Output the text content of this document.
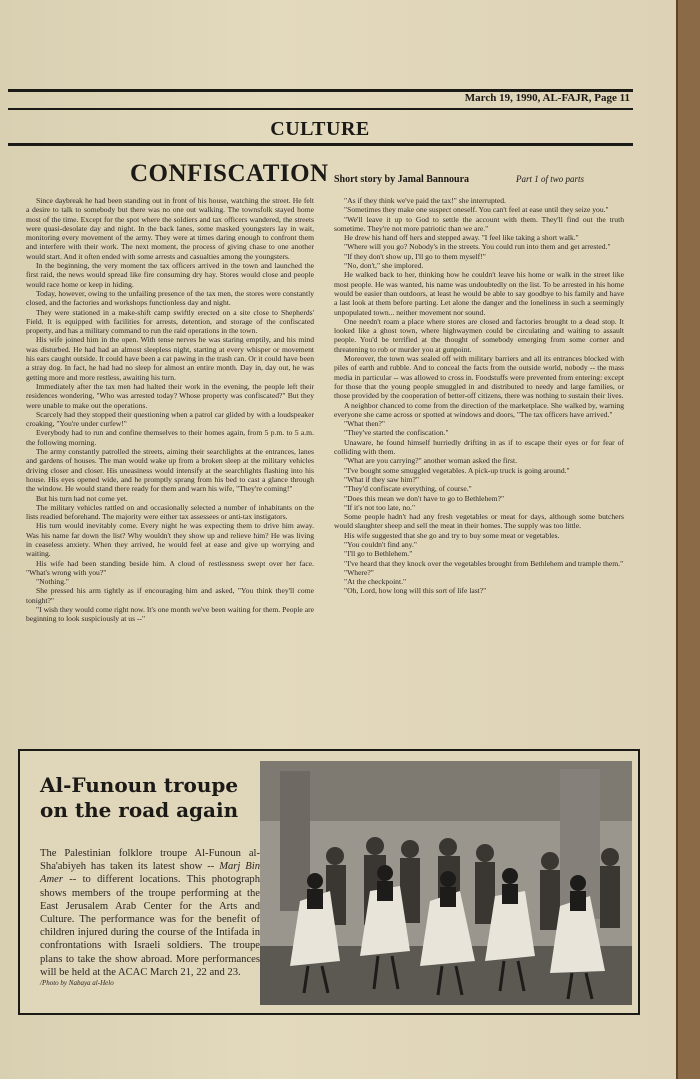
March 19, 1990, AL-FAJR, Page 11
CULTURE
CONFISCATION Short story by Jamal Bannoura	Part 1 of two parts

Since daybreak he had been standing out in front of his house, watching the street. He felt a desire to talk to somebody but there was no one out walking. The townsfolk stayed home most of the time. Except for the spot where the soldiers and tax officers wandered, the streets were quasi-desolate day and night. In the back lanes, some masked youngsters lay in wait, monitoring every movement of the army. They were at times daring enough to confront them and interfere with their work. The next moment, the process of giving chase to one another would start. And it often ended with some arrests and casualties among the youngsters.

In the beginning, the very moment the tax officers arrived in the town and launched the first raid, the news would spread like fire consuming dry hay. Stores would close and people would race home or keep in hiding.

Today, however, owing to the unfailing presence of the tax men, the stores were constantly closed, and the factories and workshops functionless day and night.

They were stationed in a make-shift camp swiftly erected on a site close to Shepherds' Field. It is equipped with facilities for arrests, detention, and storage of the confiscated property, and has a military command to run the raid operations in the town.

His wife joined him in the open. With tense nerves he was staring emptily, and his mind was disturbed. He had had an almost sleepless night, starting at every whisper or movement his ears caught outside. It could have been a cat pawing in the trash can. Or it could have been a stray dog. In fact, he had had no sleep for almost an entire month. Day in, day out, he was getting more and more restless, awaiting his turn.

Immediately after the tax men had halted their work in the evening, the people left their residences wondering, "Who was arrested today? Whose property was confiscated?" But they were unable to make out the operations.

Scarcely had they stopped their questioning when a patrol car glided by with a loudspeaker croaking, "You're under curfew!"

Everybody had to run and confine themselves to their homes again, from 5 p.m. to 5 a.m. the following morning.

The army constantly patrolled the streets, aiming their searchlights at the entrances, lanes and gardens of houses. The man would wake up from a broken sleep at the military vehicles driving closer and closer. His uneasiness would intensify at the searchlights flashing into his house. His eyes opened wide, and he promptly sprang from his bed to cast a glance through the window. He would stand there ready for them and warn his wife, "They're coming!"

But his turn had not come yet.

The military vehicles rattled on and occasionally selected a number of inhabitants on the lists readied beforehand. The majority were either tax assessees or anti-tax instigators.

His turn would inevitably come. Every night he was expecting them to drive him away. Was his name far down the list? Why wouldn't they show up and relieve him? He was living in ceaseless anxiety. When they arrived, he would feel at ease and give up worrying and waiting.

His wife had been standing beside him. A cloud of restlessness swept over her face. "What's wrong with you?"

"Nothing."

She pressed his arm tightly as if encouraging him and asked, "You think they'll come tonight?"

"I wish they would come right now. It's one month we've been waiting for them. People are beginning to look suspiciously at us --"

"As if they think we've paid the tax!" she interrupted.

"Sometimes they make one suspect oneself. You can't feel at ease until they seize you."

"We'll leave it up to God to settle the account with them. They'll find out the truth sometime. They're not more patriotic than we are."

He drew his hand off hers and stepped away. "I feel like taking a short walk."

"Where will you go? Nobody's in the streets. You could run into them and get arrested."

"If they don't show up, I'll go to them myself!"

"No, don't," she implored.

He walked back to her, thinking how he couldn't leave his home or walk in the street like most people. He was wanted, his name was undoubtedly on the list. To be arrested in his home would be easier than outdoors, at least he would be able to say goodbye to his family and have a last look at them before parting. Let alone the danger and the loneliness in such a seemingly unpopulated town... neither movement nor sound.

One needn't roam a place where stores are closed and factories brought to a dead stop. It looked like a ghost town, where highwaymen could be circulating and waiting to assault people. You'd be terrified at the thought of somebody emerging from some corner and threatening to rob or murder you at gunpoint.

Moreover, the town was sealed off with military barriers and all its entrances blocked with piles of earth and rubble. And to conceal the facts from the outside world, nobody -- the mass media in particular -- was allowed to cross in. Foodstuffs were prevented from entering: except for those that the young people smuggled in and distributed to needy and large families, or those provided by the cooperation of better-off citizens, there was nothing to sustain their lives.

A neighbor chanced to come from the direction of the marketplace. She walked by, warning everyone she came across or spotted at windows and doors, "The tax officers have arrived."

"What then?"

"They've started the confiscation."

Unaware, he found himself hurriedly drifting in as if to escape their eyes or for fear of colliding with them.

"What are you carrying?" another woman asked the first.

"I've bought some smuggled vegetables. A pick-up truck is going around."

"What if they saw him?"

"They'd confiscate everything, of course."

"Does this mean we don't have to go to Bethlehem?"

"If it's not too late, no."

Some people hadn't had any fresh vegetables or meat for days, although some butchers would slaughter sheep and sell the meat in their homes. The supply was too little.

His wife suggested that she go and try to buy some meat or vegetables.

"You couldn't find any."

"I'll go to Bethlehem."

"I've heard that they knock over the vegetables brought from Bethlehem and trample them."

"Where?"

"At the checkpoint."

"Oh, Lord, how long will this sort of life last?"

Al-Funoun troupe on the road again
The Palestinian folklore troupe Al-Funoun al-Sha'abiyeh has taken its latest show -- Marj Bin Amer -- to different locations. This photograph shows members of the troupe performing at the East Jerusalem Arab Center for the Arts and Culture. The performance was for the benefit of children injured during the course of the Intifada in confrontations with Israeli soldiers. The troupe plans to take the show abroad. More performances will be held at the ACAC March 21, 22 and 23.
/Photo by Nabaya al-Helo
